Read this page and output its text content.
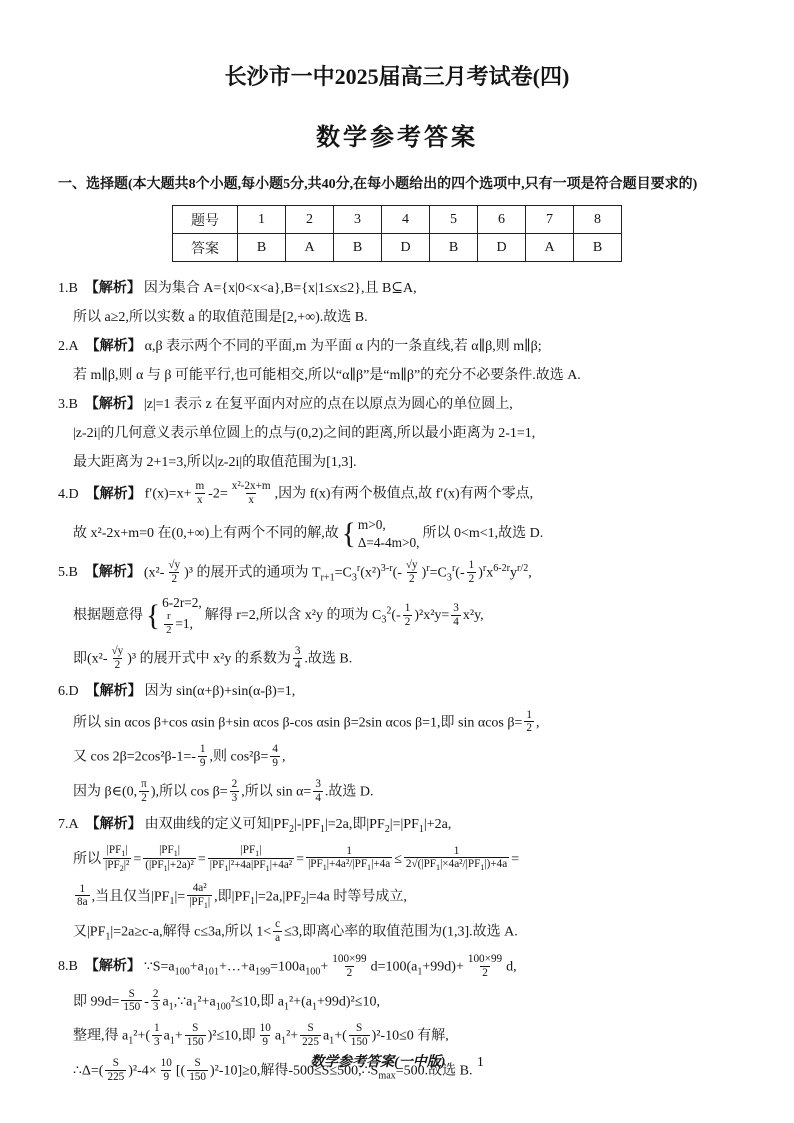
长沙市一中2025届高三月考试卷(四)
数学参考答案

一、选择题(本大题共8个小题,每小题5分,共40分,在每小题给出的四个选项中,只有一项是符合题目要求的)

题号	1	2	3	4	5	6	7	8
答案	B	A	B	D	B	D	A	B
1.B 【解析】 因为集合 A={x|0<x<a},B={x|1≤x≤2},且 B⊆A,
所以 a≥2,所以实数 a 的取值范围是[2,+∞).故选 B.
2.A 【解析】 α,β 表示两个不同的平面,m 为平面 α 内的一条直线,若 α∥β,则 m∥β;
若 m∥β,则 α 与 β 可能平行,也可能相交,所以“α∥β”是“m∥β”的充分不必要条件.故选 A.
3.B 【解析】 |z|=1 表示 z 在复平面内对应的点在以原点为圆心的单位圆上,
|z-2i|的几何意义表示单位圆上的点与(0,2)之间的距离,所以最小距离为 2-1=1,
最大距离为 2+1=3,所以|z-2i|的取值范围为[1,3].
4.D 【解析】 $f'(x)=x+ \frac{m}{x} -2= \frac{\text{x²-2x+m}}{x}$ ,因为 f(x)有两个极值点,故 f′(x)有两个零点,
故 x²-2x+m=0 在(0,+∞)上有两个不同的解,故 { m>0,
Δ=4-4m>0,
所以 0<m<1,故选 D.
5.B 【解析】 $(x^2- \frac{√y}{2} )^3$ 的展开式的通项为 $T_{r+1}=C_3^r(x^2)^{3-r}(- \frac{√y}{2} )^r=C_3^r(- \frac{1}{2} )^rx^{6-2r}y^{r/2}$,
根据题意得 { 6-2r=2,
$\frac{r}{2} =1$,
解得 r=2,所以含 x²y 的项为 $C_3^2(- \frac{1}{2} )^2x^2y= \frac{3}{4} x^2y$,
即$(x^2- \frac{√y}{2} )^3$ 的展开式中 x²y 的系数为 $\frac{3}{4}$ .故选 B.
6.D 【解析】 因为 sin(α+β)+sin(α-β)=1,
所以 sin αcos β+cos αsin β+sin αcos β-cos αsin β=2sin αcos β=1,即 sin αcos $\beta= \frac{1}{2}$ ,
又 $\cos 2\beta=2\cos^2\beta-1=- \frac{1}{9}$ ,则 $\cos^2\beta= \frac{4}{9}$ ,
因为 β∈(0, $\frac{\pi}{2}$ ),所以 $\cos \beta= \frac{2}{3}$ ,所以 $\sin \alpha= \frac{3}{4}$ .故选 D.
7.A 【解析】 由双曲线的定义可知$|PF_2|-|PF_1|=2a$,即$|PF_2|=|PF_1|+2a$,
所以 $\frac{|PF_1|}{|PF_2|^2} = \frac{|PF_1|}{(|PF_1|+2a)^2} = \frac{|PF_1|}{|PF_1|^2+4a|PF_1|+4a^2} = \frac{1}{|PF_1|+4a^2/|PF_1|+4a} \le \frac{1}{2√(|PF_1|\times 4a^2/|PF_1|)+4a}$ =
$\frac{1}{8a}$ ,当且仅当$|PF_1|= \frac{\text{4a²}}{|PF_1|}$ ,即$|PF_1|=2a,|PF_2|=4a$ 时等号成立,
又$|PF_1|=2a\ge c-a$,解得 c≤3a,所以 $1< \frac{c}{a} \le 3$,即离心率的取值范围为(1,3].故选 A.
8.B 【解析】 $\because S=a_{100}+a_{101}+\dots+a_{199}=100a_{100}+ \frac{100\times 99}{2} d=100(a_1+99d)+ \frac{100\times 99}{2} d$,
即 $99d= \frac{S}{150} - \frac{2}{3}$ $a_1,\because a_1^2+a_{100}^2\le 10$,即 $a_1^2+(a_1+99d)^2\le 10$,
整理,得 $a_1^2+( \frac{1}{3} a_1+ \frac{S}{150} )^2\le 10$,即 $\frac{10}{9} a_1^2+ \frac{S}{225} a_1+( \frac{S}{150} )^2-10\le 0$ 有解,
∴Δ=( $\frac{S}{225} )^2-4\times \frac{10}{9}$ [( $\frac{S}{150} )^2-10]\ge 0$,解得$-500\le S\le 500,\therefore S_{max}=500$.故选 B.
数学参考答案(一中版) 1
